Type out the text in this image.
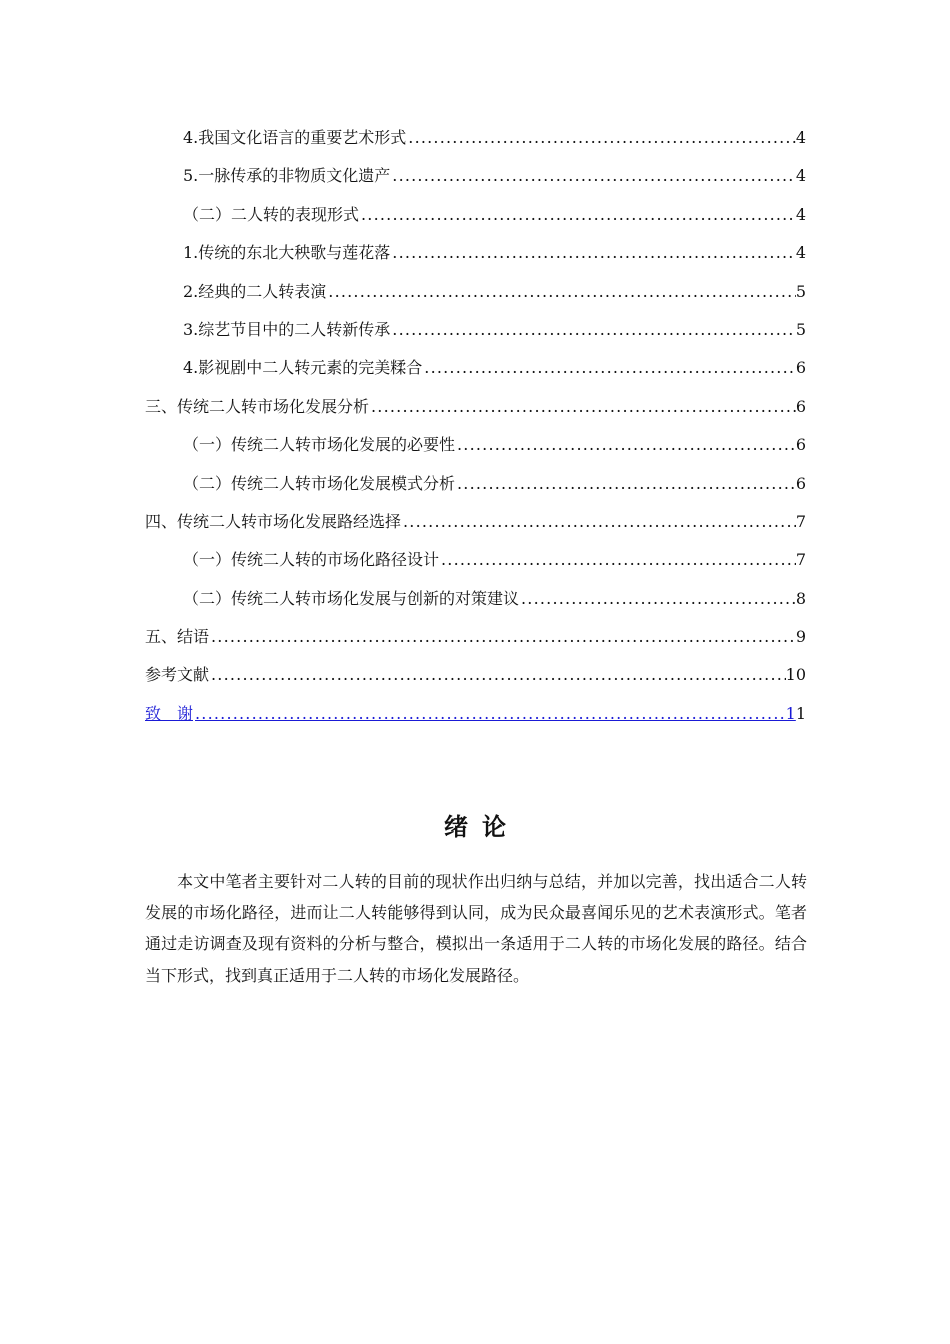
4.我国文化语言的重要艺术形式 .....	4
5.一脉传承的非物质文化遗产 .....	4
（二）二人转的表现形式 .....	4
1.传统的东北大秧歌与莲花落 .....	4
2.经典的二人转表演 .....	5
3.综艺节目中的二人转新传承 .....	5
4.影视剧中二人转元素的完美糅合 .....	6
三、传统二人转市场化发展分析 .....	6
（一）传统二人转市场化发展的必要性 .....	6
（二）传统二人转市场化发展模式分析 .....	6
四、传统二人转市场化发展路经选择 .....	7
（一）传统二人转的市场化路径设计 .....	7
（二）传统二人转市场化发展与创新的对策建议 .....	8
五、结语 .....	9
参考文献 .....	10
致　谢 .....	1 1
绪论

本文中笔者主要针对二人转的目前的现状作出归纳与总结，并加以完善，找出适合二人转发展的市场化路径，进而让二人转能够得到认同，成为民众最喜闻乐见的艺术表演形式。笔者通过走访调查及现有资料的分析与整合，模拟出一条适用于二人转的市场化发展的路径。结合当下形式，找到真正适用于二人转的市场化发展路径。
